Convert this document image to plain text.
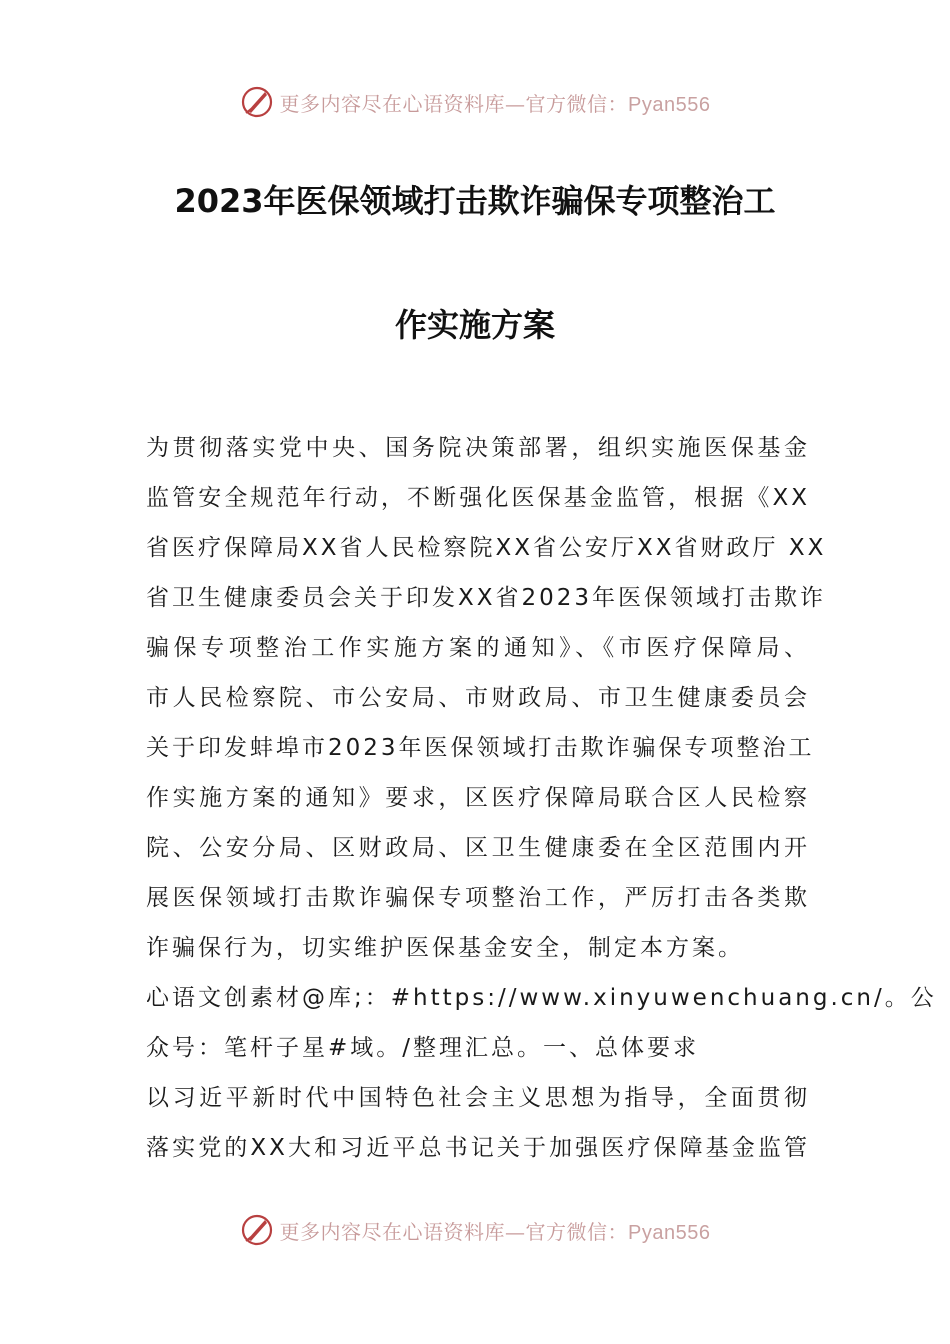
更多内容尽在心语资料库—官方微信：Pyan556
2023年医保领域打击欺诈骗保专项整治工
作实施方案
为贯彻落实党中央、国务院决策部署，组织实施医保基金
监管安全规范年行动，不断强化医保基金监管，根据《XX
省医疗保障局XX省人民检察院XX省公安厅XX省财政厅 XX
省卫生健康委员会关于印发XX省2023年医保领域打击欺诈
骗保专项整治工作实施方案的通知》、《市医疗保障局、
市人民检察院、市公安局、市财政局、市卫生健康委员会
关于印发蚌埠市2023年医保领域打击欺诈骗保专项整治工
作实施方案的通知》要求，区医疗保障局联合区人民检察
院、公安分局、区财政局、区卫生健康委在全区范围内开
展医保领域打击欺诈骗保专项整治工作，严厉打击各类欺
诈骗保行为，切实维护医保基金安全，制定本方案。
心语文创素材@库;：#https://www.xinyuwenchuang.cn/。公
众号：笔杆子星#域。/整理汇总。一、总体要求
以习近平新时代中国特色社会主义思想为指导，全面贯彻
落实党的XX大和习近平总书记关于加强医疗保障基金监管
更多内容尽在心语资料库—官方微信：Pyan556
